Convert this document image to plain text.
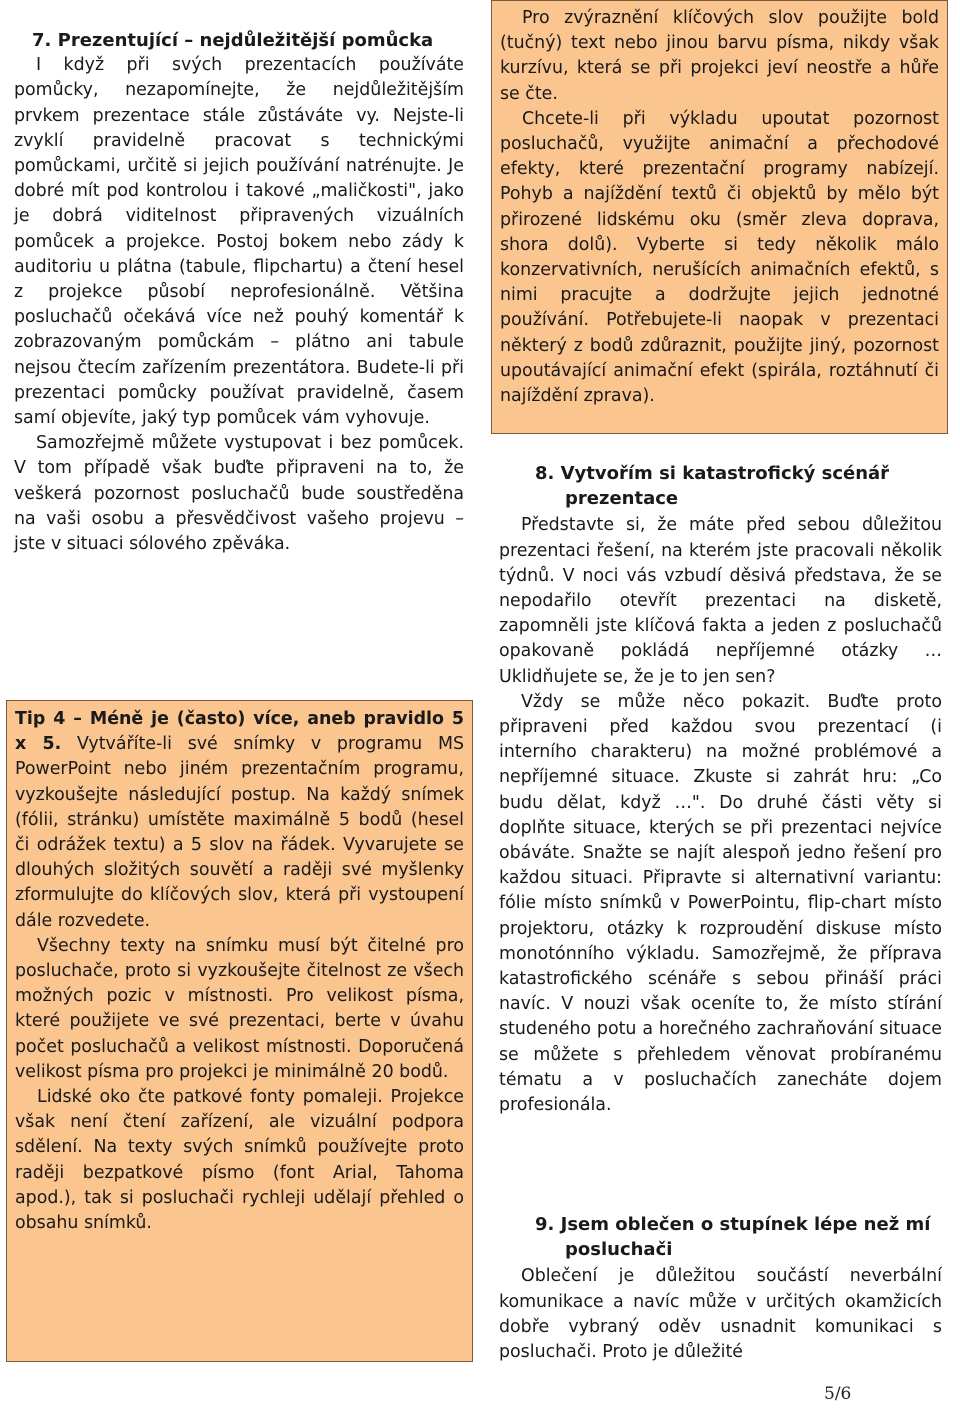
7. Prezentující – nejdůležitější pomůcka

I když při svých prezentacích používáte pomůcky, nezapomínejte, že nejdůležitějším prvkem prezentace stále zůstáváte vy. Nejste-li zvyklí pravidelně pracovat s technickými pomůckami, určitě si jejich používání natrénujte. Je dobré mít pod kontrolou i takové „maličkosti", jako je dobrá viditelnost připravených vizuálních pomůcek a projekce. Postoj bokem nebo zády k auditoriu u plátna (tabule, flipchartu) a čtení hesel z projekce působí neprofesionálně. Většina posluchačů očekává více než pouhý komentář k zobrazovaným pomůckám – plátno ani tabule nejsou čtecím zařízením prezentátora. Budete-li při prezentaci pomůcky používat pravidelně, časem samí objevíte, jaký typ pomůcek vám vyhovuje.

Samozřejmě můžete vystupovat i bez pomůcek. V tom případě však buďte připraveni na to, že veškerá pozornost posluchačů bude soustředěna na vaši osobu a přesvědčivost vašeho projevu – jste v situaci sólového zpěváka.

Tip 4 – Méně je (často) více, aneb pravidlo 5 x 5. Vytváříte-li své snímky v programu MS PowerPoint nebo jiném prezentačním programu, vyzkoušejte následující postup. Na každý snímek (fólii, stránku) umístěte maximálně 5 bodů (hesel či odrážek textu) a 5 slov na řádek. Vyvarujete se dlouhých složitých souvětí a raději své myšlenky zformulujte do klíčových slov, která při vystoupení dále rozvedete.

Všechny texty na snímku musí být čitelné pro posluchače, proto si vyzkoušejte čitelnost ze všech možných pozic v místnosti. Pro velikost písma, které použijete ve své prezentaci, berte v úvahu počet posluchačů a velikost místnosti. Doporučená velikost písma pro projekci je minimálně 20 bodů.

Lidské oko čte patkové fonty pomaleji. Projekce však není čtení zařízení, ale vizuální podpora sdělení. Na texty svých snímků používejte proto raději bezpatkové písmo (font Arial, Tahoma apod.), tak si posluchači rychleji udělají přehled o obsahu snímků.

Pro zvýraznění klíčových slov použijte bold (tučný) text nebo jinou barvu písma, nikdy však kurzívu, která se při projekci jeví neostře a hůře se čte.

Chcete-li při výkladu upoutat pozornost posluchačů, využijte animační a přechodové efekty, které prezentační programy nabízejí. Pohyb a najíždění textů či objektů by mělo být přirozené lidskému oku (směr zleva doprava, shora dolů). Vyberte si tedy několik málo konzervativních, nerušících animačních efektů, s nimi pracujte a dodržujte jejich jednotné používání. Potřebujete-li naopak v prezentaci některý z bodů zdůraznit, použijte jiný, pozornost upoutávající animační efekt (spirála, roztáhnutí či najíždění zprava).

8. Vytvořím si katastrofický scénář prezentace

Představte si, že máte před sebou důležitou prezentaci řešení, na kterém jste pracovali několik týdnů. V noci vás vzbudí děsivá představa, že se nepodařilo otevřít prezentaci na disketě, zapomněli jste klíčová fakta a jeden z posluchačů opakovaně pokládá nepříjemné otázky … Uklidňujete se, že je to jen sen?

Vždy se může něco pokazit. Buďte proto připraveni před každou svou prezentací (i interního charakteru) na možné problémové a nepříjemné situace. Zkuste si zahrát hru: „Co budu dělat, když …". Do druhé části věty si doplňte situace, kterých se při prezentaci nejvíce obáváte. Snažte se najít alespoň jedno řešení pro každou situaci. Připravte si alternativní variantu: fólie místo snímků v PowerPointu, flip-chart místo projektoru, otázky k rozproudění diskuse místo monotónního výkladu. Samozřejmě, že příprava katastrofického scénáře s sebou přináší práci navíc. V nouzi však oceníte to, že místo stírání studeného potu a horečného zachraňování situace se můžete s přehledem věnovat probíranému tématu a v posluchačích zanecháte dojem profesionála.

9. Jsem oblečen o stupínek lépe než mí posluchači

Oblečení je důležitou součástí neverbální komunikace a navíc může v určitých okamžicích dobře vybraný oděv usnadnit komunikaci s posluchači. Proto je důležité

5/6
